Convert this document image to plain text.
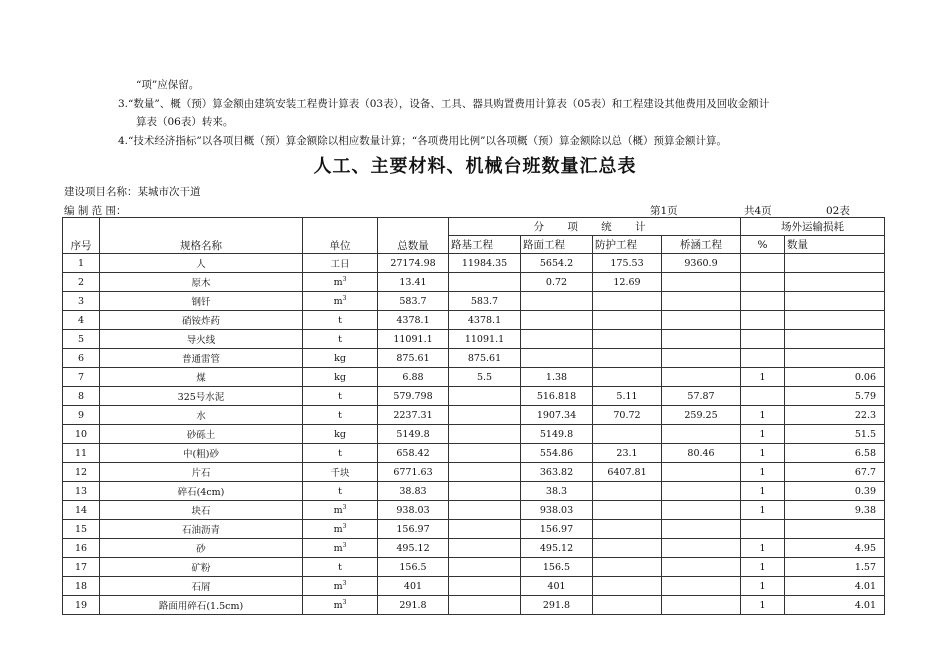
“项”应保留。
3.“数量”、概（预）算金额由建筑安装工程费计算表（03表），设备、工具、器具购置费用计算表（05表）和工程建设其他费用及回收金额计
算表（06表）转来。
4.“技术经济指标”以各项目概（预）算金额除以相应数量计算；“各项费用比例”以各项概（预）算金额除以总（概）预算金额计算。
人工、主要材料、机械台班数量汇总表
建设项目名称：某城市次干道
编 制 范 围：	第1页	共4页	02表
序号	规格名称	单位	总数量	分 项 统 计				场外运输损耗	
				路基工程	路面工程	防护工程	桥涵工程	%	数量
1	人	工日	27174.98	11984.35	5654.2	175.53	9360.9		
2	原木	$m^3$	13.41		0.72	12.69			
3	钢钎	$m^3$	583.7	583.7					
4	硝铵炸药	t	4378.1	4378.1					
5	导火线	t	11091.1	11091.1					
6	普通雷管	kg	875.61	875.61					
7	煤	kg	6.88	5.5	1.38			1	0.06
8	325号水泥	t	579.798		516.818	5.11	57.87		5.79
9	水	t	2237.31		1907.34	70.72	259.25	1	22.3
10	砂砾土	kg	5149.8		5149.8			1	51.5
11	中(粗)砂	t	658.42		554.86	23.1	80.46	1	6.58
12	片石	千块	6771.63		363.82	6407.81		1	67.7
13	碎石(4cm)	t	38.83		38.3			1	0.39
14	块石	$m^3$	938.03		938.03			1	9.38
15	石油沥青	$m^3$	156.97		156.97				
16	砂	$m^3$	495.12		495.12			1	4.95
17	矿粉	t	156.5		156.5			1	1.57
18	石屑	$m^3$	401		401			1	4.01
19	路面用碎石(1.5cm)	$m^3$	291.8		291.8			1	4.01
